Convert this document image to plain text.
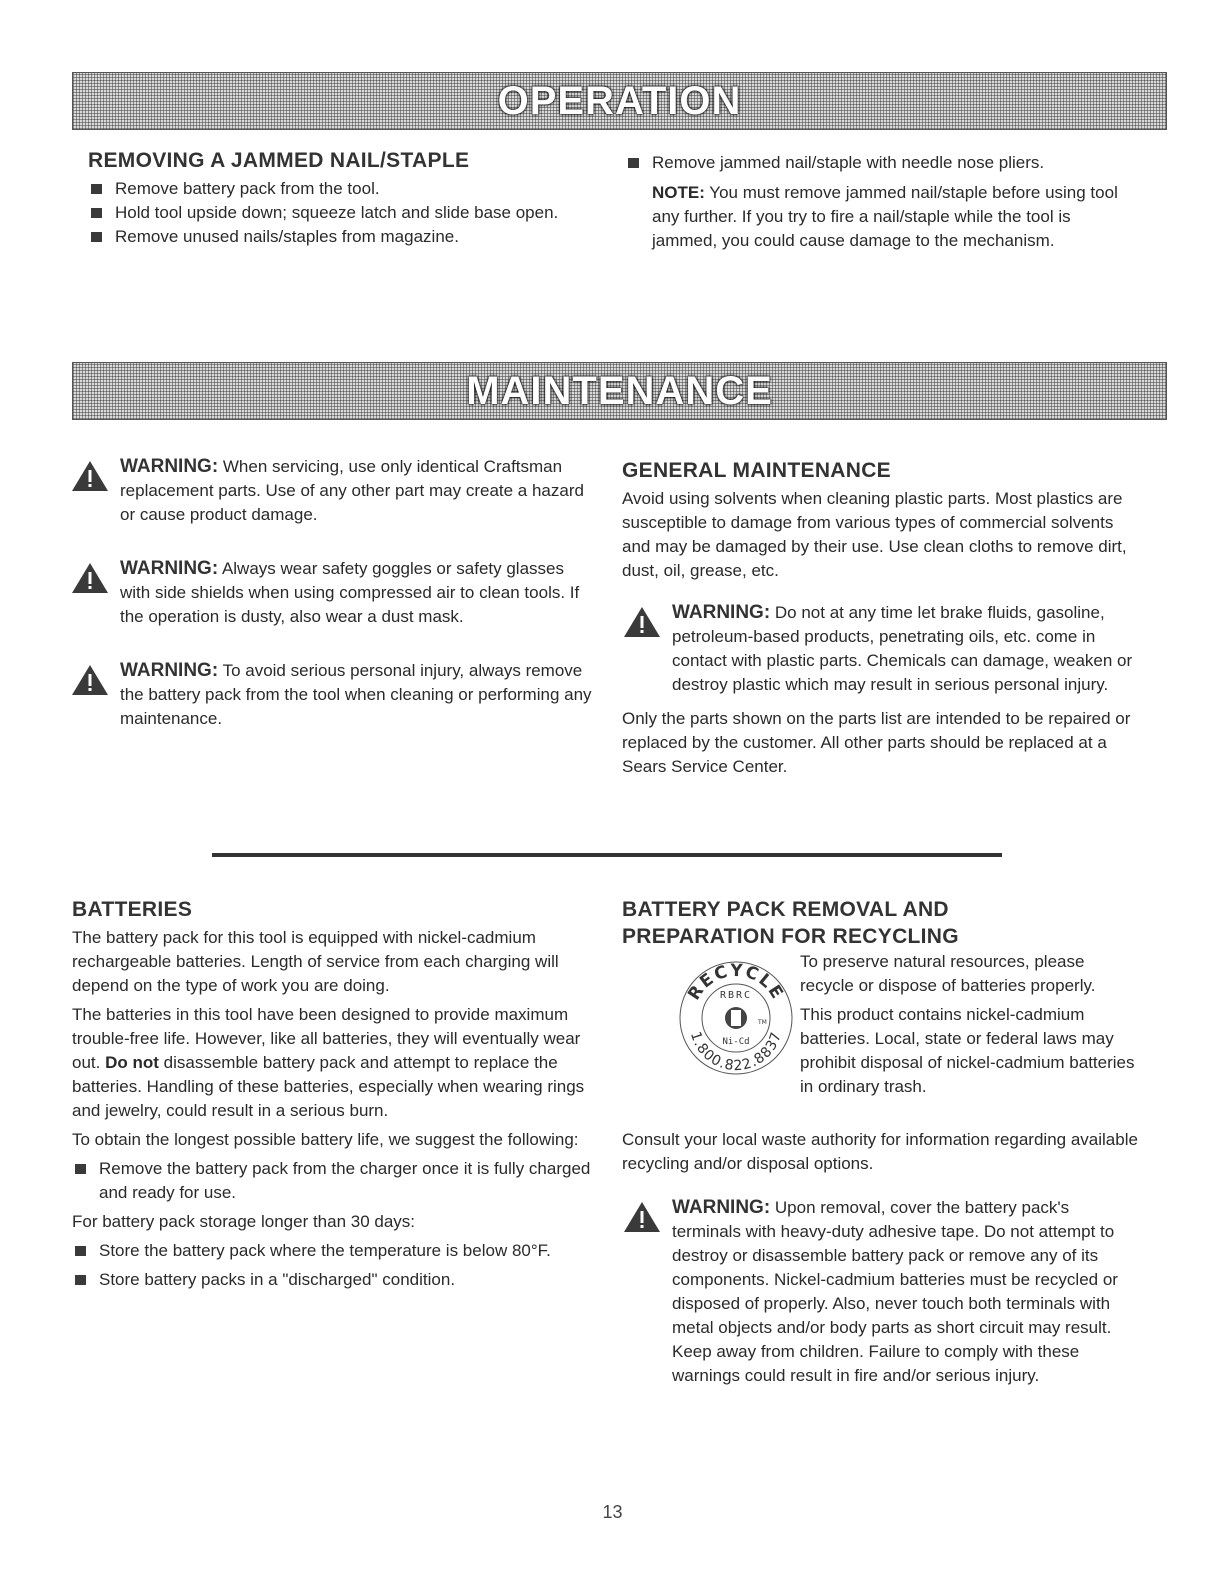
OPERATION
REMOVING A JAMMED NAIL/STAPLE

Remove battery pack from the tool.

Hold tool upside down; squeeze latch and slide base open.

Remove unused nails/staples from magazine.

Remove jammed nail/staple with needle nose pliers.

NOTE: You must remove jammed nail/staple before using tool any further. If you try to fire a nail/staple while the tool is jammed, you could cause damage to the mechanism.

MAINTENANCE

WARNING: When servicing, use only identical Craftsman replacement parts. Use of any other part may create a hazard or cause product damage.

WARNING: Always wear safety goggles or safety glasses with side shields when using compressed air to clean tools. If the operation is dusty, also wear a dust mask.

WARNING: To avoid serious personal injury, always remove the battery pack from the tool when cleaning or performing any maintenance.

GENERAL MAINTENANCE

Avoid using solvents when cleaning plastic parts. Most plastics are susceptible to damage from various types of commercial solvents and may be damaged by their use. Use clean cloths to remove dirt, dust, oil, grease, etc.

WARNING: Do not at any time let brake fluids, gasoline, petroleum-based products, penetrating oils, etc. come in contact with plastic parts. Chemicals can damage, weaken or destroy plastic which may result in serious personal injury.

Only the parts shown on the parts list are intended to be repaired or replaced by the customer. All other parts should be replaced at a Sears Service Center.

BATTERIES

The battery pack for this tool is equipped with nickel-cadmium rechargeable batteries. Length of service from each charging will depend on the type of work you are doing.

The batteries in this tool have been designed to provide maximum trouble-free life. However, like all batteries, they will eventually wear out. Do not disassemble battery pack and attempt to replace the batteries. Handling of these batteries, especially when wearing rings and jewelry, could result in a serious burn.

To obtain the longest possible battery life, we suggest the following:

Remove the battery pack from the charger once it is fully charged and ready for use.

For battery pack storage longer than 30 days:

Store the battery pack where the temperature is below 80°F.

Store battery packs in a "discharged" condition.

BATTERY PACK REMOVAL AND
PREPARATION FOR RECYCLING
RECYCLE
1.800.822.8837
RBRC
TM
Ni-Cd

To preserve natural resources, please recycle or dispose of batteries properly.

This product contains nickel-cadmium batteries. Local, state or federal laws may prohibit disposal of nickel-cadmium batteries in ordinary trash.

Consult your local waste authority for information regarding available recycling and/or disposal options.

WARNING: Upon removal, cover the battery pack's terminals with heavy-duty adhesive tape. Do not attempt to destroy or disassemble battery pack or remove any of its components. Nickel-cadmium batteries must be recycled or disposed of properly. Also, never touch both terminals with metal objects and/or body parts as short circuit may result. Keep away from children. Failure to comply with these warnings could result in fire and/or serious injury.

13
